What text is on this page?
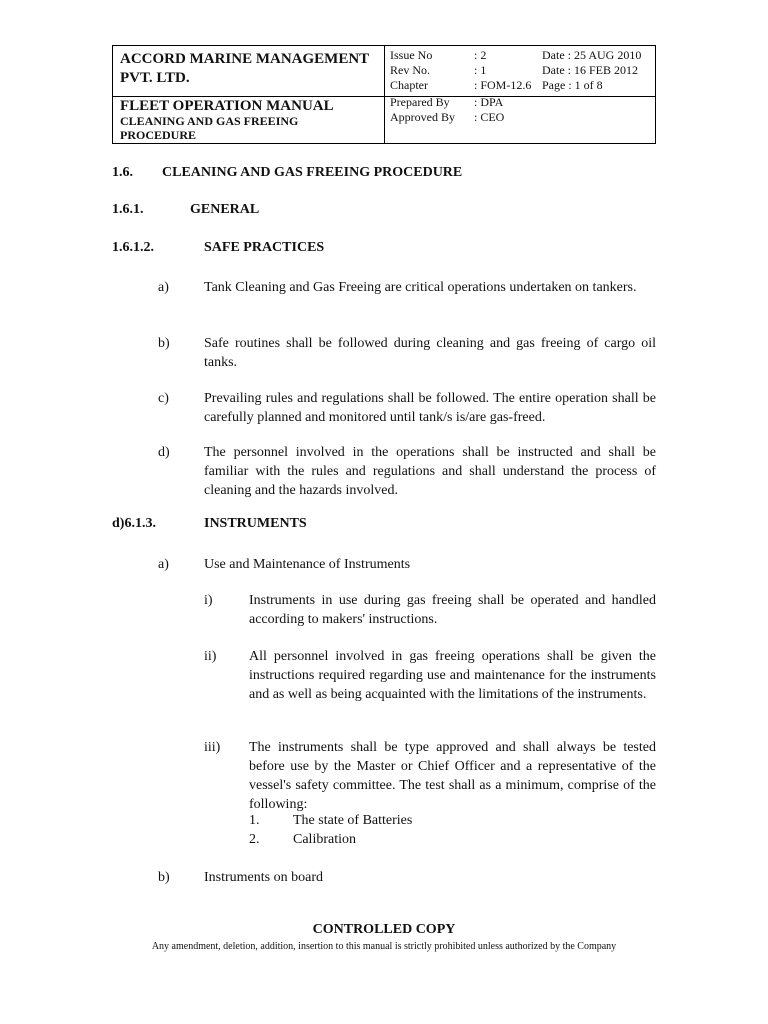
ACCORD MARINE MANAGEMENT
PVT. LTD.
Issue No	: 2	Date : 25 AUG 2010
Rev No.	: 1	Date : 16 FEB 2012
Chapter	: FOM-12.6 Page : 1 of 8
FLEET OPERATION MANUAL
CLEANING AND GAS FREEING
PROCEDURE
Prepared By : DPA
Approved By : CEO
1.6. CLEANING AND GAS FREEING PROCEDURE
1.6.1.	GENERAL
1.6.1.2.	SAFE PRACTICES
a)	Tank Cleaning and Gas Freeing are critical operations undertaken on tankers.
b) Safe routines shall be followed during cleaning and gas freeing of cargo oil tanks.
c)	Prevailing rules and regulations shall be followed. The entire operation shall be carefully planned and monitored until tank/s is/are gas-freed.
d) The personnel involved in the operations shall be instructed and shall be familiar with the rules and regulations and shall understand the process of cleaning and the hazards involved.
d)6.1.3.	INSTRUMENTS
a)	Use and Maintenance of Instruments
i)	Instruments in use during gas freeing shall be operated and handled according to makers' instructions.
ii) All personnel involved in gas freeing operations shall be given the instructions required regarding use and maintenance for the instruments and as well as being acquainted with the limitations of the instruments.
iii) The instruments shall be type approved and shall always be tested before use by the Master or Chief Officer and a representative of the vessel's safety committee. The test shall as a minimum, comprise of the following:
1. The state of Batteries
2. Calibration
b) Instruments on board
CONTROLLED COPY
Any amendment, deletion, addition, insertion to this manual is strictly prohibited unless authorized by the Company
